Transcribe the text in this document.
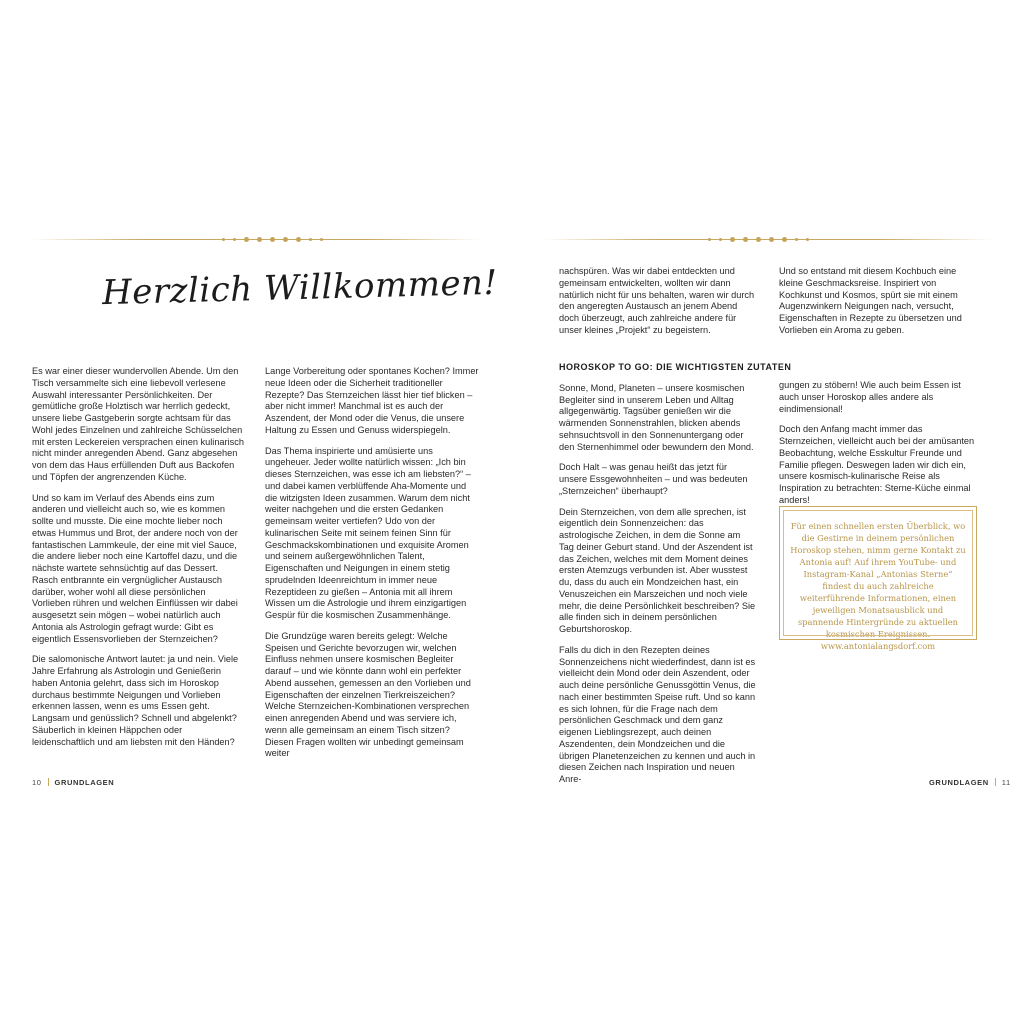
Herzlich Willkommen!

Es war einer dieser wundervollen Abende. Um den Tisch versammelte sich eine liebevoll verlesene Auswahl interessanter Persönlichkeiten. Der gemütliche große Holztisch war herrlich gedeckt, unsere liebe Gastgeberin sorgte achtsam für das Wohl jedes Einzelnen und zahlreiche Schüsselchen mit ersten Leckereien versprachen einen kulinarisch nicht minder anregenden Abend. Ganz abgesehen von dem das Haus erfüllenden Duft aus Backofen und Töpfen der angrenzenden Küche.

Und so kam im Verlauf des Abends eins zum anderen und vielleicht auch so, wie es kommen sollte und musste. Die eine mochte lieber noch etwas Hummus und Brot, der andere noch von der fantastischen Lammkeule, der eine mit viel Sauce, die andere lieber noch eine Kartoffel dazu, und die nächste wartete sehnsüchtig auf das Dessert. Rasch entbrannte ein vergnüglicher Austausch darüber, woher wohl all diese persönlichen Vorlieben rühren und welchen Einflüssen wir dabei ausgesetzt sein mögen – wobei natürlich auch Antonia als Astrologin gefragt wurde: Gibt es eigentlich Essensvorlieben der Sternzeichen?

Die salomonische Antwort lautet: ja und nein. Viele Jahre Erfahrung als Astrologin und Genießerin haben Antonia gelehrt, dass sich im Horoskop durchaus bestimmte Neigungen und Vorlieben erkennen lassen, wenn es ums Essen geht. Langsam und genüsslich? Schnell und abgelenkt? Säuberlich in kleinen Häppchen oder leidenschaftlich und am liebsten mit den Händen?

Lange Vorbereitung oder spontanes Kochen? Immer neue Ideen oder die Sicherheit traditioneller Rezepte? Das Sternzeichen lässt hier tief blicken – aber nicht immer! Manchmal ist es auch der Aszendent, der Mond oder die Venus, die unsere Haltung zu Essen und Genuss widerspiegeln.

Das Thema inspirierte und amüsierte uns ungeheuer. Jeder wollte natürlich wissen: „Ich bin dieses Sternzeichen, was esse ich am liebsten?“ – und dabei kamen verblüffende Aha-Momente und die witzigsten Ideen zusammen. Warum dem nicht weiter nachgehen und die ersten Gedanken gemeinsam weiter vertiefen? Udo von der kulinarischen Seite mit seinem feinen Sinn für Geschmackskombinationen und exquisite Aromen und seinem außergewöhnlichen Talent, Eigenschaften und Neigungen in einem stetig sprudelnden Ideenreichtum in immer neue Rezeptideen zu gießen – Antonia mit all ihrem Wissen um die Astrologie und ihrem einzigartigen Gespür für die kosmischen Zusammenhänge.

Die Grundzüge waren bereits gelegt: Welche Speisen und Gerichte bevorzugen wir, welchen Einfluss nehmen unsere kosmischen Begleiter darauf – und wie könnte dann wohl ein perfekter Abend aussehen, gemessen an den Vorlieben und Eigenschaften der einzelnen Tierkreiszeichen? Welche Sternzeichen-Kombinationen versprechen einen anregenden Abend und was serviere ich, wenn alle gemeinsam an einem Tisch sitzen? Diesen Fragen wollten wir unbedingt gemeinsam weiter

10 GRUNDLAGEN

nachspüren. Was wir dabei entdeckten und gemeinsam entwickelten, wollten wir dann natürlich nicht für uns behalten, waren wir durch den angeregten Austausch an jenem Abend doch überzeugt, auch zahlreiche andere für unser kleines „Projekt“ zu begeistern.

HOROSKOP TO GO: DIE WICHTIGSTEN ZUTATEN

Sonne, Mond, Planeten – unsere kosmischen Begleiter sind in unserem Leben und Alltag allgegenwärtig. Tagsüber genießen wir die wärmenden Sonnenstrahlen, blicken abends sehnsuchtsvoll in den Sonnenuntergang oder den Sternenhimmel oder bewundern den Mond.

Doch Halt – was genau heißt das jetzt für unsere Essgewohnheiten – und was bedeuten „Sternzeichen“ überhaupt?

Dein Sternzeichen, von dem alle sprechen, ist eigentlich dein Sonnenzeichen: das astrologische Zeichen, in dem die Sonne am Tag deiner Geburt stand. Und der Aszendent ist das Zeichen, welches mit dem Moment deines ersten Atemzugs verbunden ist. Aber wusstest du, dass du auch ein Mondzeichen hast, ein Venuszeichen ein Marszeichen und noch viele mehr, die deine Persönlichkeit beschreiben? Sie alle finden sich in deinem persönlichen Geburtshoroskop.

Falls du dich in den Rezepten deines Sonnenzeichens nicht wiederfindest, dann ist es vielleicht dein Mond oder dein Aszendent, oder auch deine persönliche Genussgöttin Venus, die nach einer bestimmten Speise ruft. Und so kann es sich lohnen, für die Frage nach dem persönlichen Geschmack und dem ganz eigenen Lieblingsrezept, auch deinen Aszendenten, dein Mondzeichen und die übrigen Planetenzeichen zu kennen und auch in diesen Zeichen nach Inspiration und neuen Anre-

Und so entstand mit diesem Kochbuch eine kleine Geschmacksreise. Inspiriert von Kochkunst und Kosmos, spürt sie mit einem Augenzwinkern Neigungen nach, versucht, Eigenschaften in Rezepte zu übersetzen und Vorlieben ein Aroma zu geben.

gungen zu stöbern! Wie auch beim Essen ist auch unser Horoskop alles andere als eindimensional!

Doch den Anfang macht immer das Sternzeichen, vielleicht auch bei der amüsanten Beobachtung, welche Esskultur Freunde und Familie pflegen. Deswegen laden wir dich ein, unsere kosmisch-kulinarische Reise als Inspiration zu betrachten: Sterne-Küche einmal anders!

Für einen schnellen ersten Überblick, wo die Gestirne in deinem persönlichen Horoskop stehen, nimm gerne Kontakt zu Antonia auf! Auf ihrem YouTube- und Instagram-Kanal „Antonias Sterne“ findest du auch zahlreiche weiterführende Informationen, einen jeweiligen Monatsausblick und spannende Hintergründe zu aktuellen kosmischen Ereignissen.
www.antonialangsdorf.com
GRUNDLAGEN 11
